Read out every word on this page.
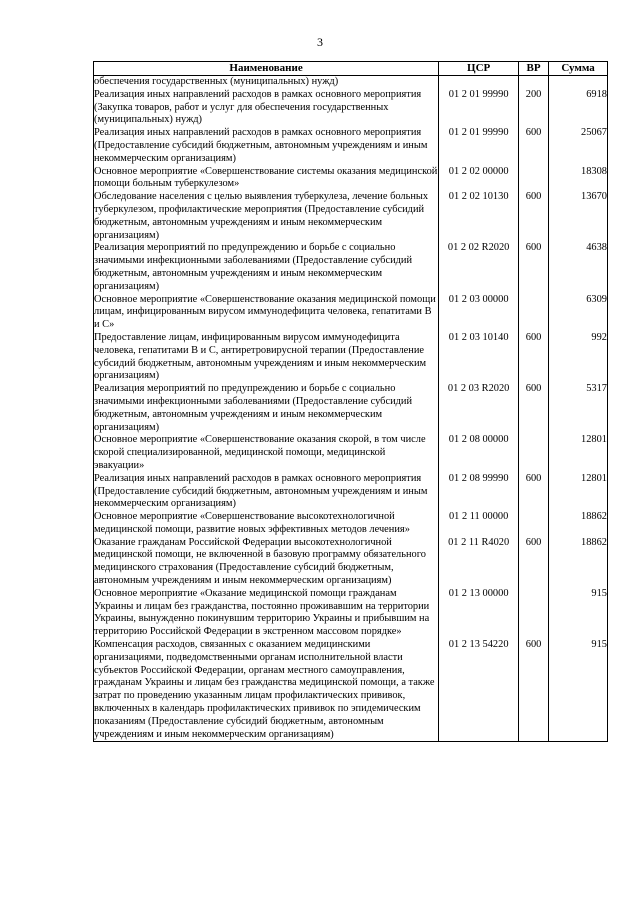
3
Наименование	ЦСР	ВР	Сумма
обеспечения государственных (муниципальных) нужд)			
Реализация иных направлений расходов в рамках основного мероприятия (Закупка товаров, работ и услуг для обеспечения государственных (муниципальных) нужд)	01 2 01 99990	200	6918
Реализация иных направлений расходов в рамках основного мероприятия (Предоставление субсидий бюджетным, автономным учреждениям и иным некоммерческим организациям)	01 2 01 99990	600	25067
Основное мероприятие «Совершенствование системы оказания медицинской помощи больным туберкулезом»	01 2 02 00000		18308
Обследование населения с целью выявления туберкулеза, лечение больных туберкулезом, профилактические мероприятия (Предоставление субсидий бюджетным, автономным учреждениям и иным некоммерческим организациям)	01 2 02 10130	600	13670
Реализация мероприятий по предупреждению и борьбе с социально значимыми инфекционными заболеваниями (Предоставление субсидий бюджетным, автономным учреждениям и иным некоммерческим организациям)	01 2 02 R2020	600	4638
Основное мероприятие «Совершенствование оказания медицинской помощи лицам, инфицированным вирусом иммунодефицита человека, гепатитами В и С»	01 2 03 00000		6309
Предоставление лицам, инфицированным вирусом иммунодефицита человека, гепатитами В и С, антиретровирусной терапии (Предоставление субсидий бюджетным, автономным учреждениям и иным некоммерческим организациям)	01 2 03 10140	600	992
Реализация мероприятий по предупреждению и борьбе с социально значимыми инфекционными заболеваниями (Предоставление субсидий бюджетным, автономным учреждениям и иным некоммерческим организациям)	01 2 03 R2020	600	5317
Основное мероприятие «Совершенствование оказания скорой, в том числе скорой специализированной, медицинской помощи, медицинской эвакуации»	01 2 08 00000		12801
Реализация иных направлений расходов в рамках основного мероприятия (Предоставление субсидий бюджетным, автономным учреждениям и иным некоммерческим организациям)	01 2 08 99990	600	12801
Основное мероприятие «Совершенствование высокотехнологичной медицинской помощи, развитие новых эффективных методов лечения»	01 2 11 00000		18862
Оказание гражданам Российской Федерации высокотехнологичной медицинской помощи, не включенной в базовую программу обязательного медицинского страхования (Предоставление субсидий бюджетным, автономным учреждениям и иным некоммерческим организациям)	01 2 11 R4020	600	18862
Основное мероприятие «Оказание медицинской помощи гражданам Украины и лицам без гражданства, постоянно проживавшим на территории Украины, вынужденно покинувшим территорию Украины и прибывшим на территорию Российской Федерации в экстренном массовом порядке»	01 2 13 00000		915
Компенсация расходов, связанных с оказанием медицинскими организациями, подведомственными органам исполнительной власти субъектов Российской Федерации, органам местного самоуправления, гражданам Украины и лицам без гражданства медицинской помощи, а также затрат по проведению указанным лицам профилактических прививок, включенных в календарь профилактических прививок по эпидемическим показаниям (Предоставление субсидий бюджетным, автономным учреждениям и иным некоммерческим организациям)	01 2 13 54220	600	915
